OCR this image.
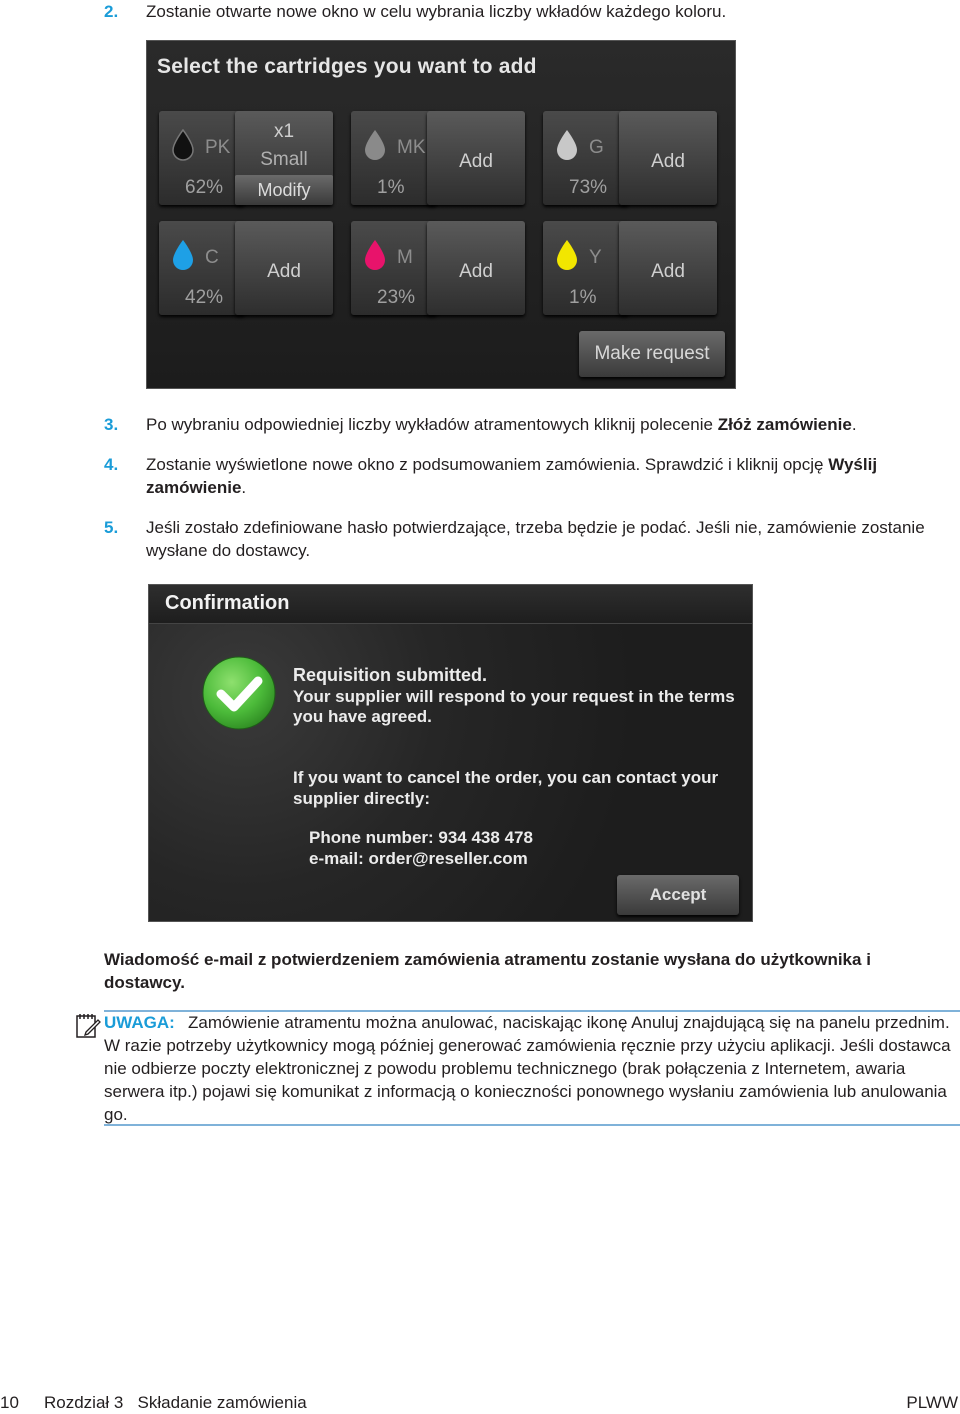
2. Zostanie otwarte nowe okno w celu wybrania liczby wkładów każdego koloru.
Select the cartridges you want to add
PK
62%
x1
Small
Modify
MK
1%
Add
G
73%
Add
C
42%
Add
M
23%
Add
Y
1%
Add
Make request
3. Po wybraniu odpowiedniej liczby wykładów atramentowych kliknij polecenie Złóż zamówienie.
4. Zostanie wyświetlone nowe okno z podsumowaniem zamówienia. Sprawdzić i kliknij opcję Wyślij zamówienie.
5. Jeśli zostało zdefiniowane hasło potwierdzające, trzeba będzie je podać. Jeśli nie, zamówienie zostanie wysłane do dostawcy.
Confirmation
Requisition submitted.
Your supplier will respond to your request in the terms
you have agreed.
If you want to cancel the order, you can contact your
supplier directly:
Phone number: 934 438 478
e-mail: order@reseller.com
Accept
Wiadomość e-mail z potwierdzeniem zamówienia atramentu zostanie wysłana do użytkownika i dostawcy.
UWAGA: Zamówienie atramentu można anulować, naciskając ikonę Anuluj znajdującą się na panelu przednim. W razie potrzeby użytkownicy mogą później generować zamówienia ręcznie przy użyciu aplikacji. Jeśli dostawca nie odbierze poczty elektronicznej z powodu problemu technicznego (brak połączenia z Internetem, awaria serwera itp.) pojawi się komunikat z informacją o konieczności ponownego wysłaniu zamówienia lub anulowania go.
10 Rozdział 3   Składanie zamówienia	PLWW
